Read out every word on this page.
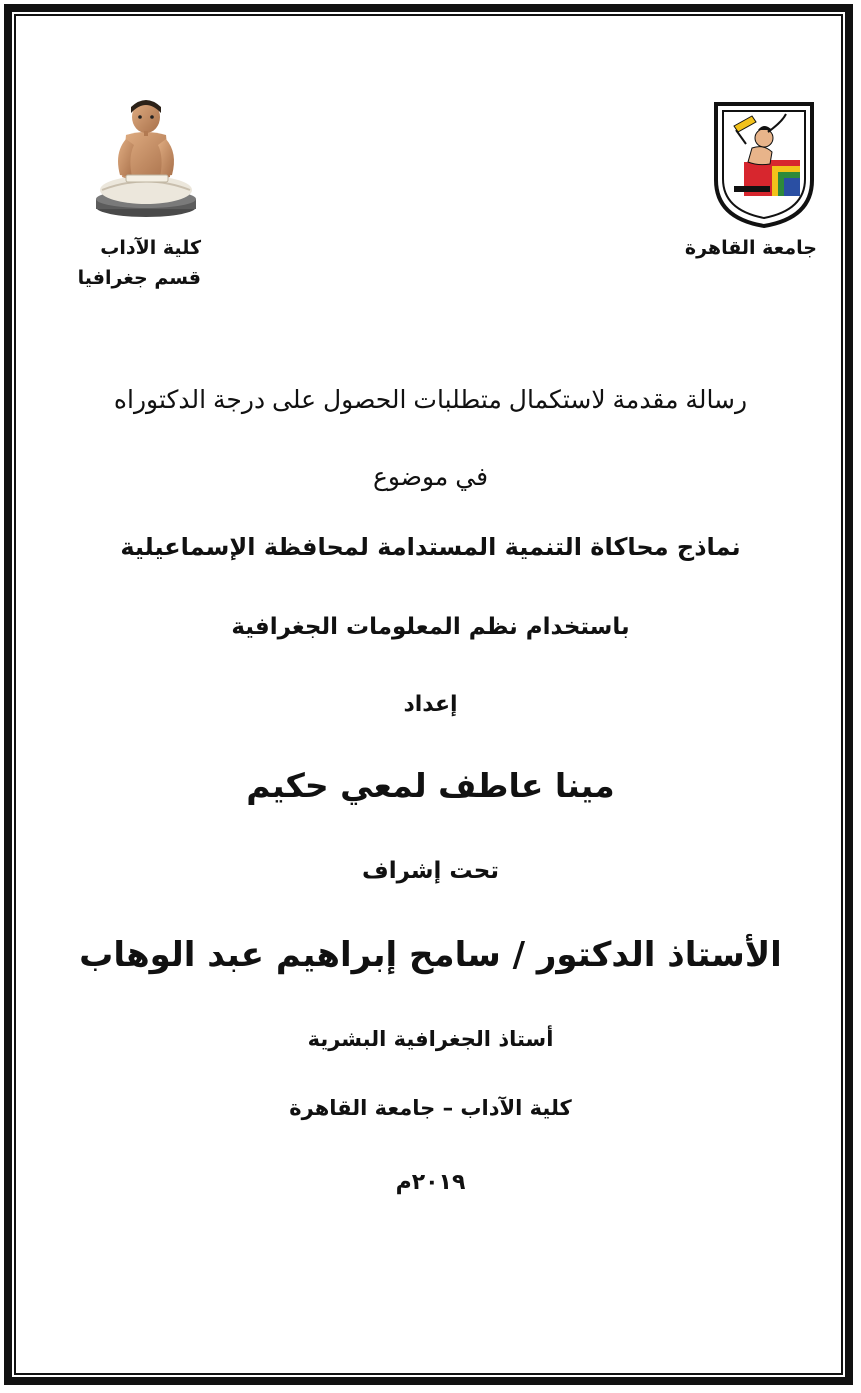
كلية الآداب
قسم جغرافيا
جامعة القاهرة
رسالة مقدمة لاستكمال متطلبات الحصول على درجة الدكتوراه
في موضوع
نماذج محاكاة التنمية المستدامة لمحافظة الإسماعيلية
باستخدام نظم المعلومات الجغرافية
إعداد
مينا عاطف لمعي حكيم
تحت إشراف
الأستاذ الدكتور / سامح إبراهيم عبد الوهاب
أستاذ الجغرافية البشرية
كلية الآداب – جامعة القاهرة
٢٠١٩م
